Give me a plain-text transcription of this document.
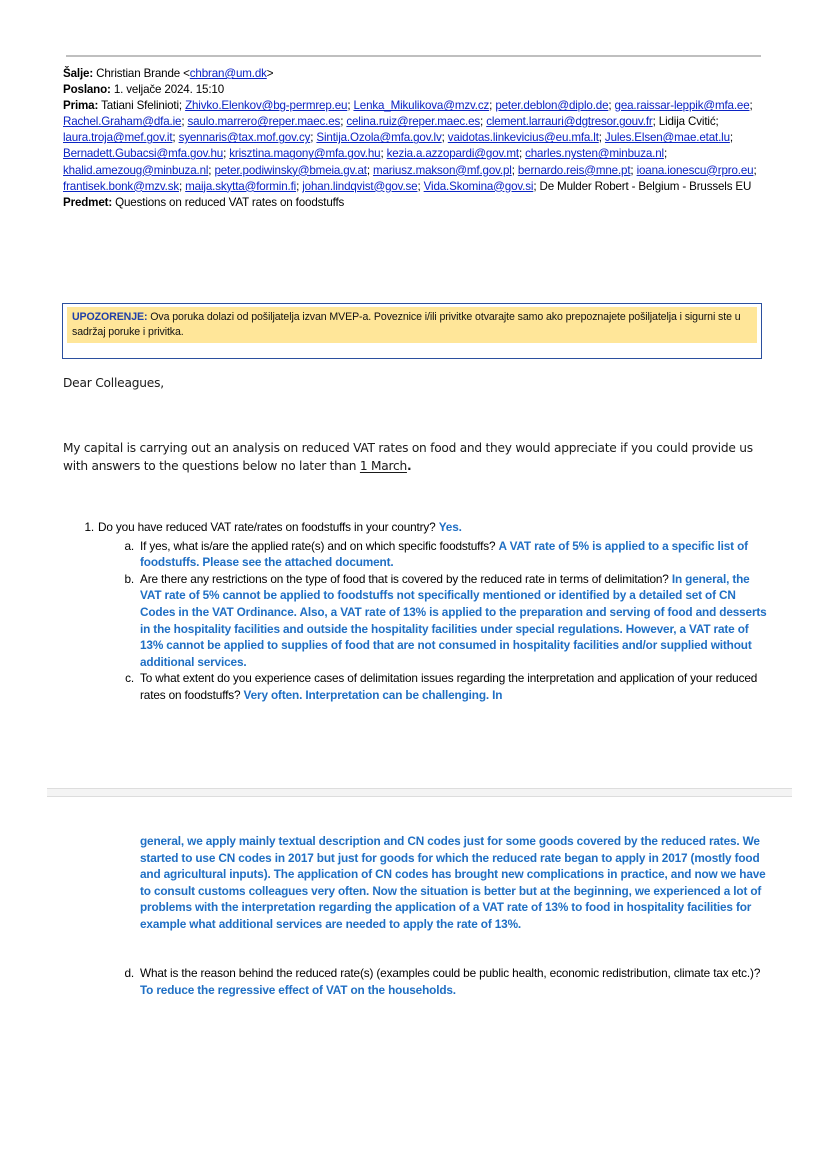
Šalje: Christian Brande <chbran@um.dk>
Poslano: 1. veljače 2024. 15:10
Prima: Tatiani Sfelinioti; Zhivko.Elenkov@bg-permrep.eu; Lenka_Mikulikova@mzv.cz; peter.deblon@diplo.de; gea.raissar-leppik@mfa.ee; Rachel.Graham@dfa.ie; saulo.marrero@reper.maec.es; celina.ruiz@reper.maec.es; clement.larrauri@dgtresor.gouv.fr; Lidija Cvitić; laura.troja@mef.gov.it; syennaris@tax.mof.gov.cy; Sintija.Ozola@mfa.gov.lv; vaidotas.linkevicius@eu.mfa.lt; Jules.Elsen@mae.etat.lu; Bernadett.Gubacsi@mfa.gov.hu; krisztina.magony@mfa.gov.hu; kezia.a.azzopardi@gov.mt; charles.nysten@minbuza.nl; khalid.amezoug@minbuza.nl; peter.podiwinsky@bmeia.gv.at; mariusz.makson@mf.gov.pl; bernardo.reis@mne.pt; ioana.ionescu@rpro.eu; frantisek.bonk@mzv.sk; maija.skytta@formin.fi; johan.lindqvist@gov.se; Vida.Skomina@gov.si; De Mulder Robert - Belgium - Brussels EU
Predmet: Questions on reduced VAT rates on foodstuffs
UPOZORENJE: Ova poruka dolazi od pošiljatelja izvan MVEP-a. Poveznice i/ili privitke otvarajte samo ako prepoznajete pošiljatelja i sigurni ste u sadržaj poruke i privitka.
Dear Colleagues,
My capital is carrying out an analysis on reduced VAT rates on food and they would appreciate if you could provide us with answers to the questions below no later than 1 March.
1. Do you have reduced VAT rate/rates on foodstuffs in your country? Yes.
a. If yes, what is/are the applied rate(s) and on which specific foodstuffs? A VAT rate of 5% is applied to a specific list of foodstuffs. Please see the attached document.
b. Are there any restrictions on the type of food that is covered by the reduced rate in terms of delimitation? In general, the VAT rate of 5% cannot be applied to foodstuffs not specifically mentioned or identified by a detailed set of CN Codes in the VAT Ordinance. Also, a VAT rate of 13% is applied to the preparation and serving of food and desserts in the hospitality facilities and outside the hospitality facilities under special regulations. However, a VAT rate of 13% cannot be applied to supplies of food that are not consumed in hospitality facilities and/or supplied without additional services.
c. To what extent do you experience cases of delimitation issues regarding the interpretation and application of your reduced rates on foodstuffs? Very often. Interpretation can be challenging. In
general, we apply mainly textual description and CN codes just for some goods covered by the reduced rates. We started to use CN codes in 2017 but just for goods for which the reduced rate began to apply in 2017 (mostly food and agricultural inputs). The application of CN codes has brought new complications in practice, and now we have to consult customs colleagues very often. Now the situation is better but at the beginning, we experienced a lot of problems with the interpretation regarding the application of a VAT rate of 13% to food in hospitality facilities for example what additional services are needed to apply the rate of 13%.
d. What is the reason behind the reduced rate(s) (examples could be public health, economic redistribution, climate tax etc.)? To reduce the regressive effect of VAT on the households.
